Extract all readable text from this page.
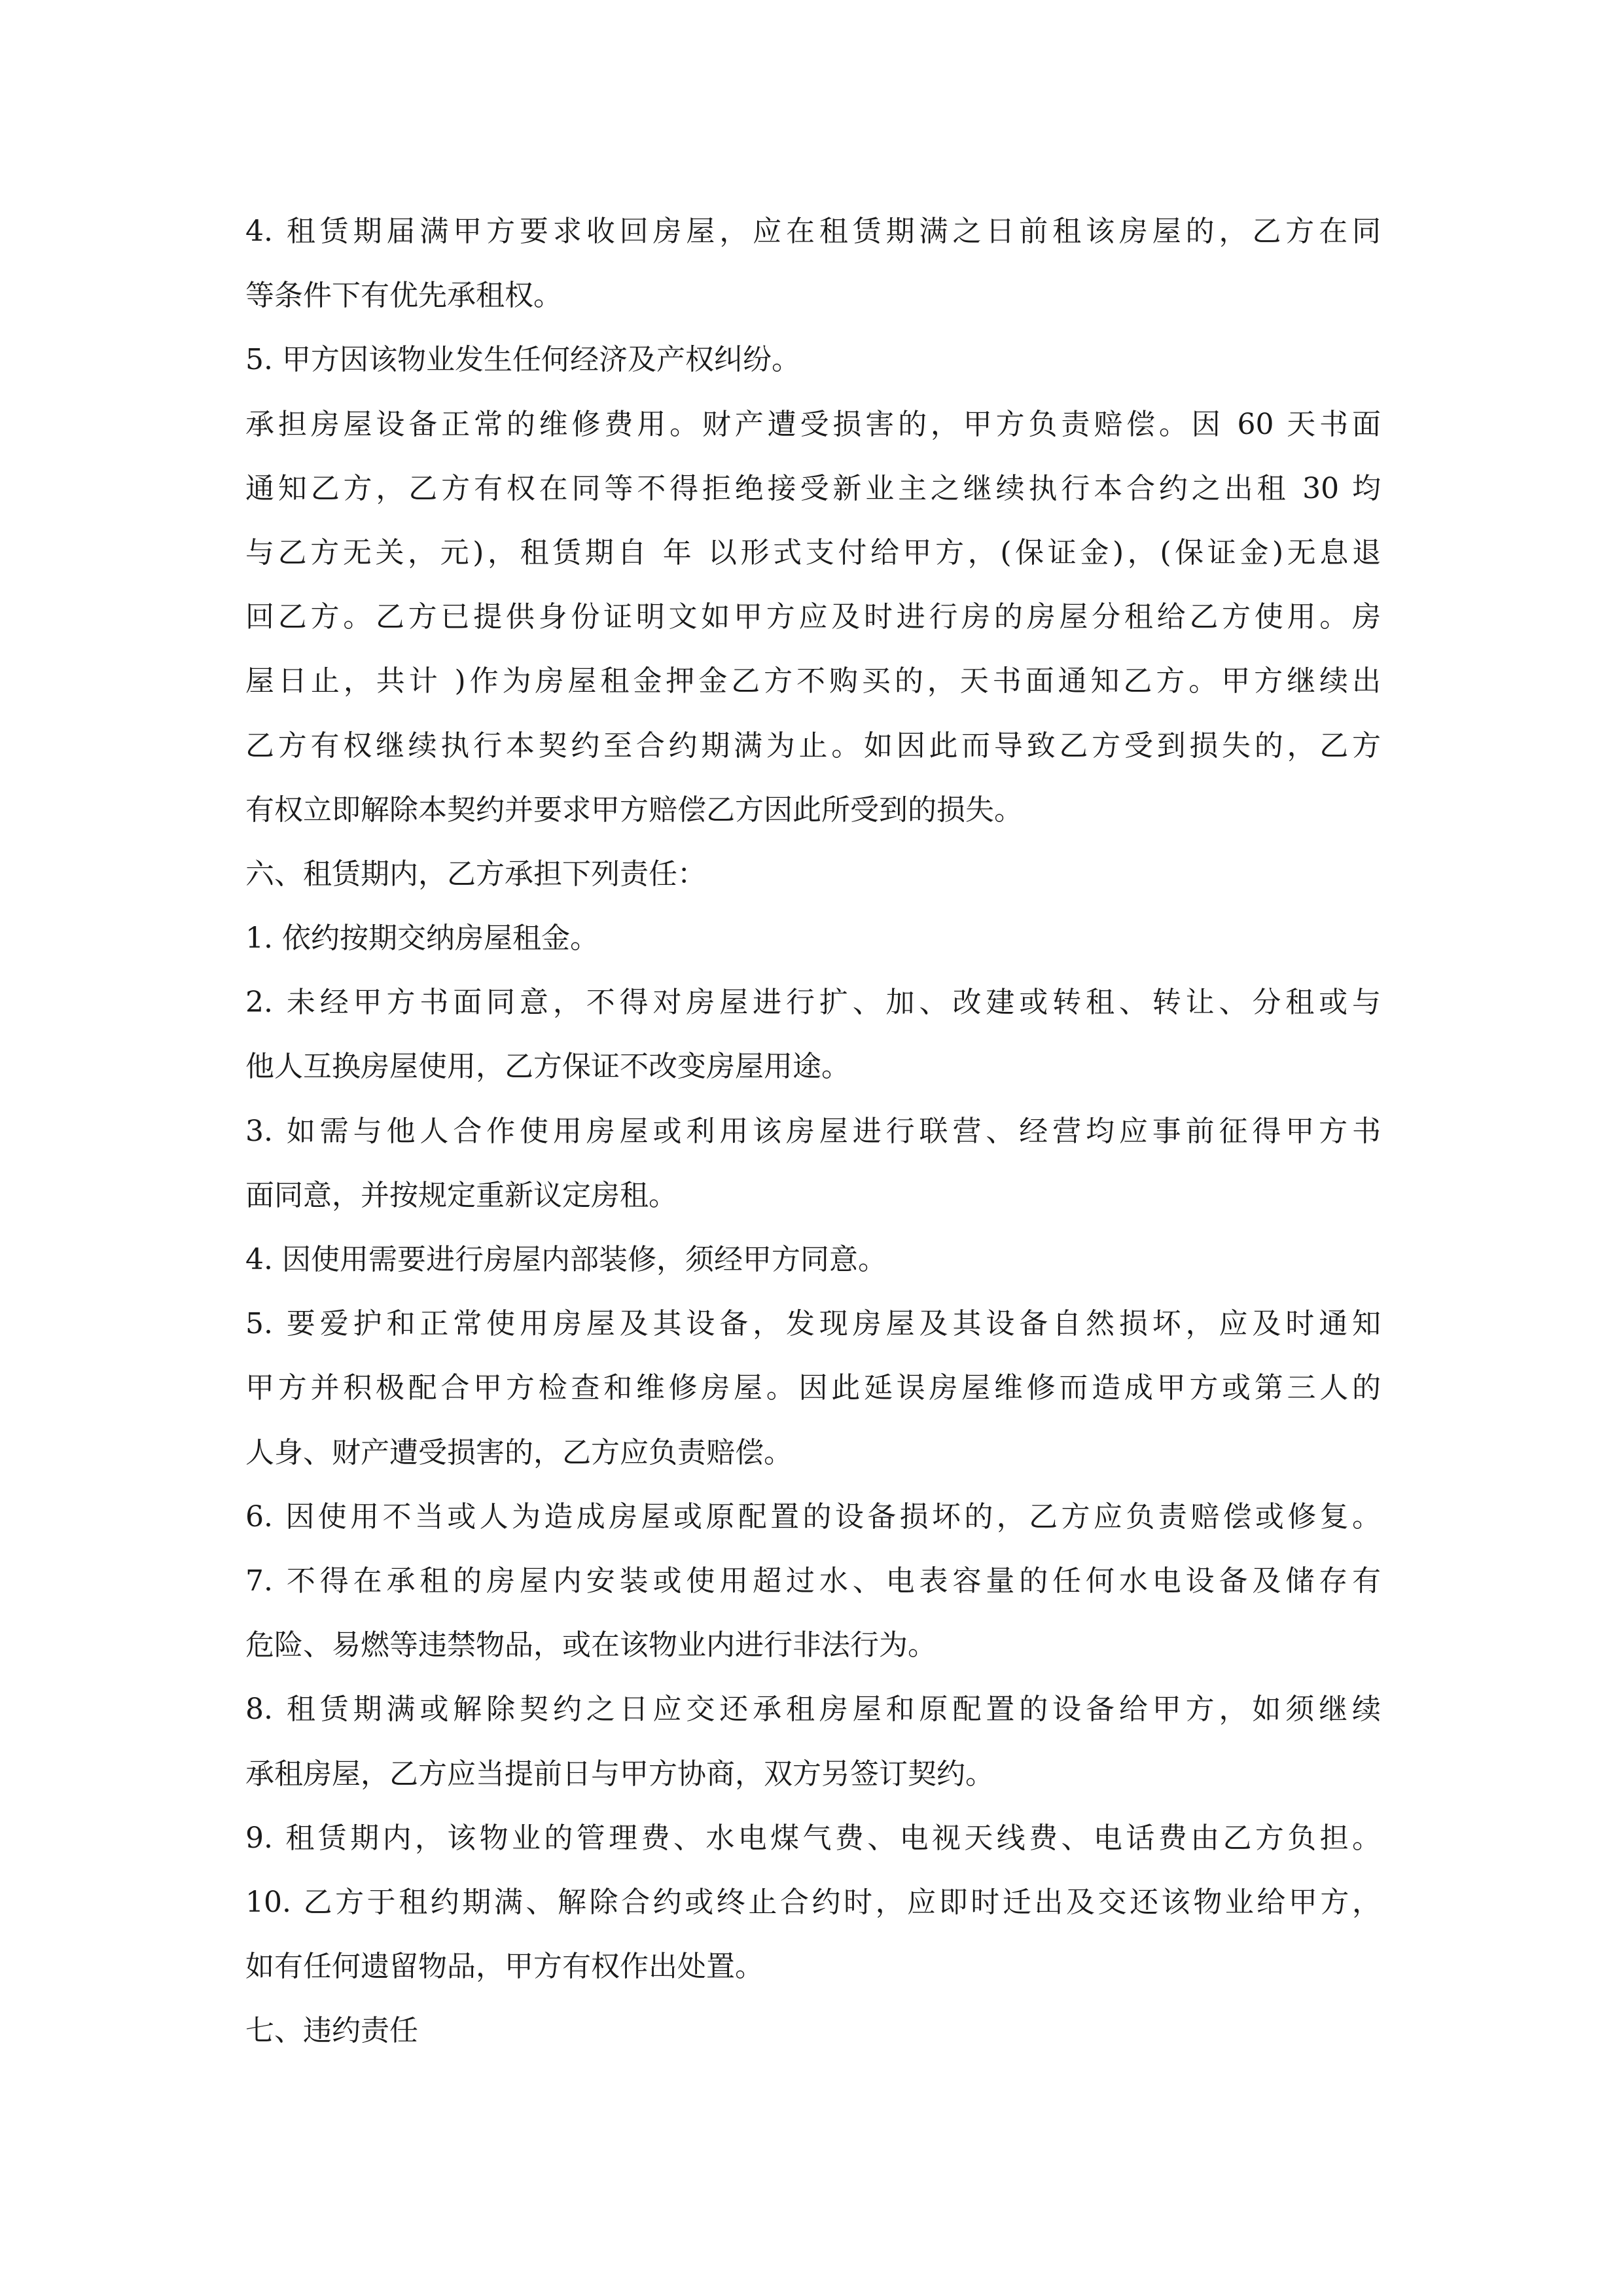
4. 租赁期届满甲方要求收回房屋，应在租赁期满之日前租该房屋的，乙方在同
等条件下有优先承租权。
5. 甲方因该物业发生任何经济及产权纠纷。
承担房屋设备正常的维修费用。财产遭受损害的，甲方负责赔偿。因 60 天书面
通知乙方，乙方有权在同等不得拒绝接受新业主之继续执行本合约之出租 30 均
与乙方无关，元)，租赁期自 年 以形式支付给甲方，(保证金)，(保证金)无息退
回乙方。乙方已提供身份证明文如甲方应及时进行房的房屋分租给乙方使用。房
屋日止，共计 )作为房屋租金押金乙方不购买的，天书面通知乙方。甲方继续出
乙方有权继续执行本契约至合约期满为止。如因此而导致乙方受到损失的，乙方
有权立即解除本契约并要求甲方赔偿乙方因此所受到的损失。
六、租赁期内，乙方承担下列责任：
1. 依约按期交纳房屋租金。
2. 未经甲方书面同意，不得对房屋进行扩、加、改建或转租、转让、分租或与
他人互换房屋使用，乙方保证不改变房屋用途。
3. 如需与他人合作使用房屋或利用该房屋进行联营、经营均应事前征得甲方书
面同意，并按规定重新议定房租。
4. 因使用需要进行房屋内部装修，须经甲方同意。
5. 要爱护和正常使用房屋及其设备，发现房屋及其设备自然损坏，应及时通知
甲方并积极配合甲方检查和维修房屋。因此延误房屋维修而造成甲方或第三人的
人身、财产遭受损害的，乙方应负责赔偿。
6. 因使用不当或人为造成房屋或原配置的设备损坏的，乙方应负责赔偿或修复。
7. 不得在承租的房屋内安装或使用超过水、电表容量的任何水电设备及储存有
危险、易燃等违禁物品，或在该物业内进行非法行为。
8. 租赁期满或解除契约之日应交还承租房屋和原配置的设备给甲方，如须继续
承租房屋，乙方应当提前日与甲方协商，双方另签订契约。
9. 租赁期内，该物业的管理费、水电煤气费、电视天线费、电话费由乙方负担。
10. 乙方于租约期满、解除合约或终止合约时，应即时迁出及交还该物业给甲方，
如有任何遗留物品，甲方有权作出处置。
七、违约责任
